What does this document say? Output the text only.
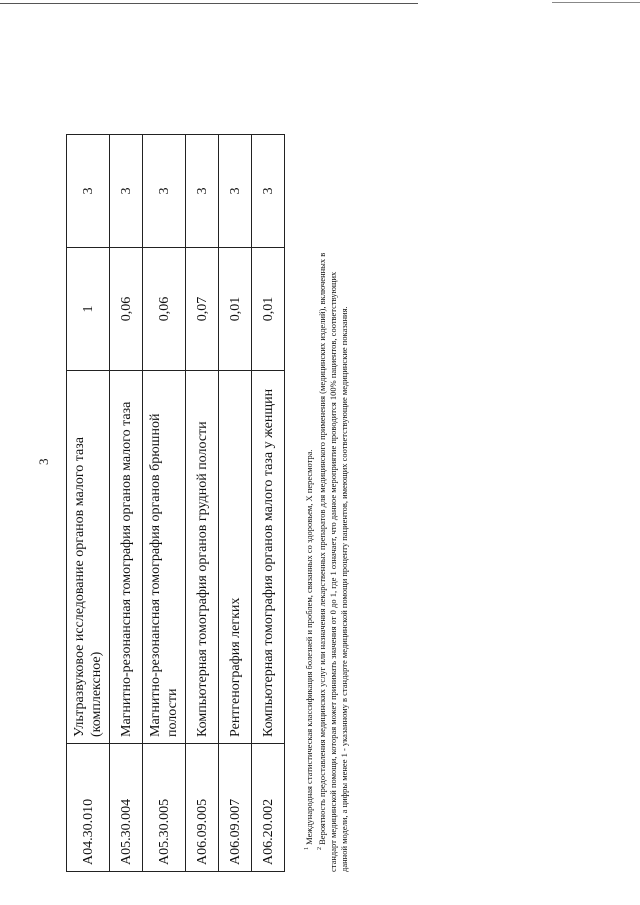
3
A04.30.010	Ультразвуковое исследование органов малого таза (комплексное)	1	3
A05.30.004	Магнитно-резонансная томография органов малого таза	0,06	3
A05.30.005	Магнитно-резонансная томография органов брюшной полости	0,06	3
A06.09.005	Компьютерная томография органов грудной полости	0,07	3
A06.09.007	Рентгенография легких	0,01	3
A06.20.002	Компьютерная томография органов малого таза у женщин	0,01	3

$^1$ Международная статистическая классификация болезней и проблем, связанных со здоровьем, X пересмотра.

$^2$ Вероятность предоставления медицинских услуг или назначения лекарственных препаратов для медицинского применения (медицинских изделий), включенных в стандарт медицинской помощи, которая может принимать значения от 0 до 1, где 1 означает, что данное мероприятие проводится 100% пациентов, соответствующих данной модели, а цифры менее 1 - указанному в стандарте медицинской помощи проценту пациентов, имеющих соответствующие медицинские показания.
